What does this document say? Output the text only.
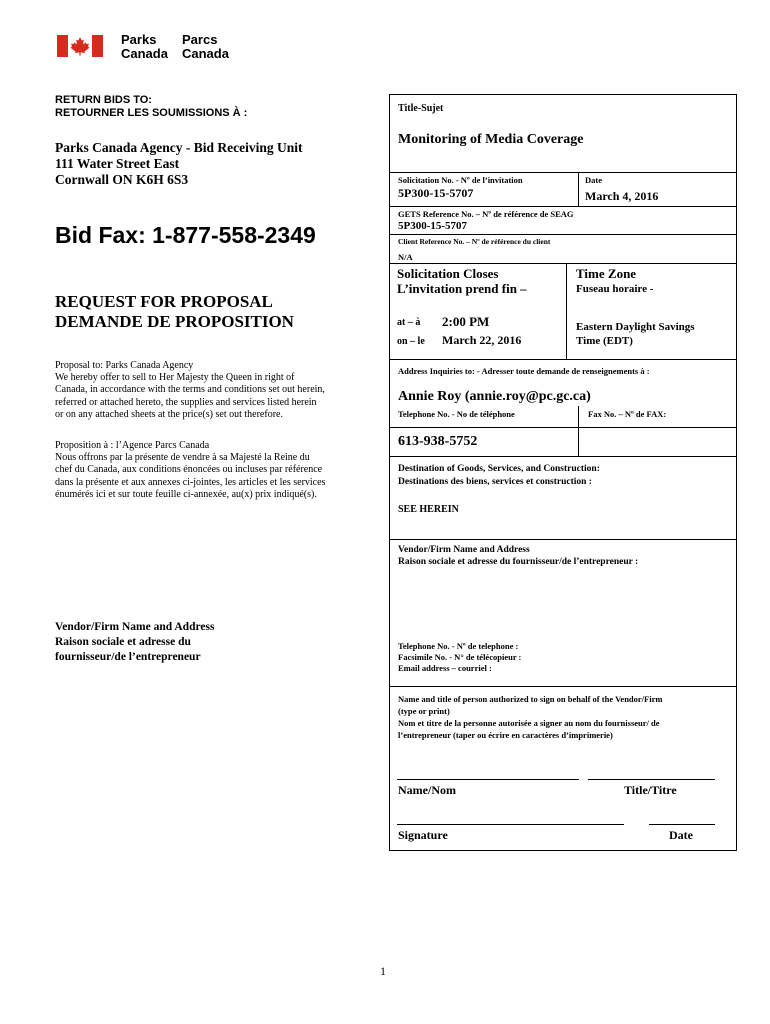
Parks
Canada
Parcs
Canada
RETURN BIDS TO:
RETOURNER LES SOUMISSIONS À :
Parks Canada Agency - Bid Receiving Unit
111 Water Street East
Cornwall ON K6H 6S3
Bid Fax: 1-877-558-2349
REQUEST FOR PROPOSAL
DEMANDE DE PROPOSITION
Proposal to: Parks Canada Agency
We hereby offer to sell to Her Majesty the Queen in right of
Canada, in accordance with the terms and conditions set out herein,
referred or attached hereto, the supplies and services listed herein
or on any attached sheets at the price(s) set out therefore.
Proposition à : l’Agence Parcs Canada
Nous offrons par la présente de vendre à sa Majesté la Reine du
chef du Canada, aux conditions énoncées ou incluses par référence
dans la présente et aux annexes ci-jointes, les articles et les services
énumérés ici et sur toute feuille ci-annexée, au(x) prix indiqué(s).
Vendor/Firm Name and Address
Raison sociale et adresse du
fournisseur/de l’entrepreneur
Title-Sujet
Monitoring of Media Coverage
Solicitation No. - Nº de l’invitation
5P300-15-5707
Date
March 4, 2016
GETS Reference No. – Nº de référence de SEAG
5P300-15-5707
Client Reference No. – Nº de référence du client
N/A
Solicitation Closes
L’invitation prend fin –
at – à 2:00 PM
on – le March 22, 2016
Time Zone
Fuseau horaire -
Eastern Daylight Savings
Time (EDT)
Address Inquiries to: - Adresser toute demande de renseignements à :
Annie Roy (annie.roy@pc.gc.ca)
Telephone No. - No de téléphone	Fax No. – Nº de FAX:
613-938-5752
Destination of Goods, Services, and Construction:
Destinations des biens, services et construction :
SEE HEREIN
Vendor/Firm Name and Address
Raison sociale et adresse du fournisseur/de l’entrepreneur :
Telephone No. - Nº de telephone :
Facsimile No. - N° de télécopieur :
Email address – courriel :
Name and title of person authorized to sign on behalf of the Vendor/Firm
(type or print)
Nom et titre de la personne autorisée a signer au nom du fournisseur/ de
l’entrepreneur (taper ou écrire en caractères d’imprimerie)
Name/Nom	Title/Titre
Signature	Date
1
